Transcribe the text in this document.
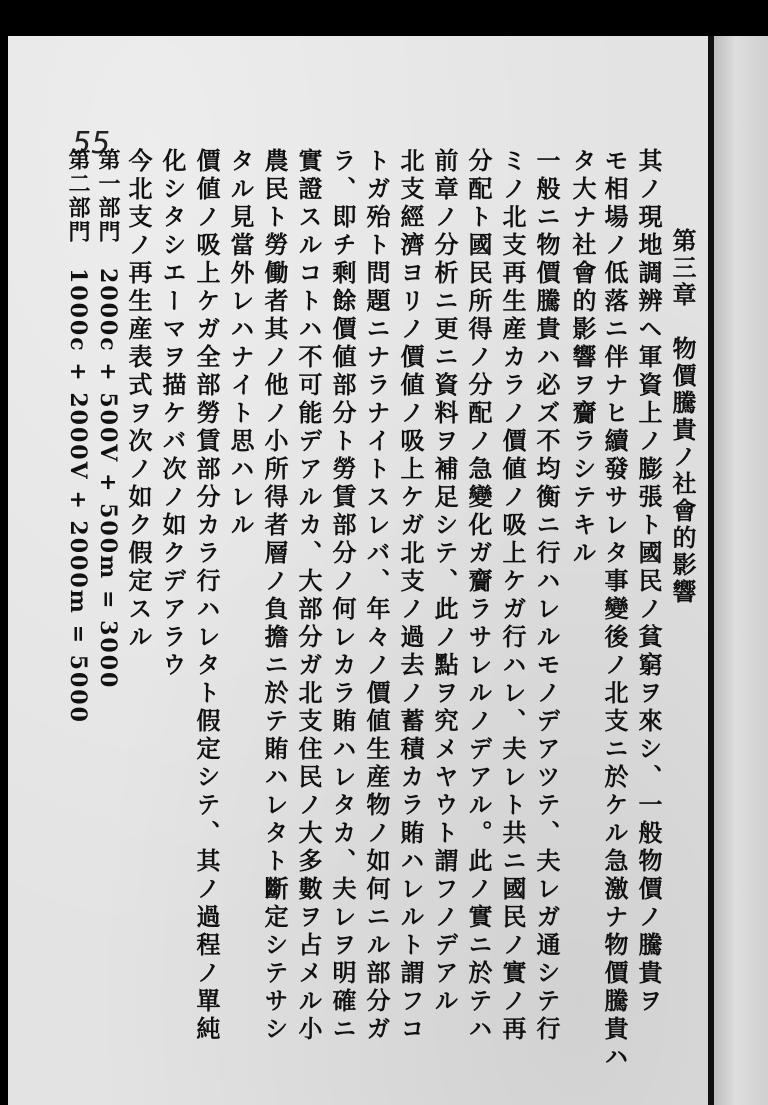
55
第三章　物價騰貴ノ社會的影響
其ノ現地調辨ヘ軍資上ノ膨張ト國民ノ貧窮ヲ來シ、一般物價ノ騰貴ヲ
モ相場ノ低落ニ伴ナヒ續發サレタ事變後ノ北支ニ於ケル急激ナ物價騰貴ハ
タ大ナ社會的影響ヲ齎ラシテキル
一般ニ物價騰貴ハ必ズ不均衡ニ行ハレルモノデアツテ、夫レガ通シテ行
ミノ北支再生産カラノ價値ノ吸上ケガ行ハレ、夫レト共ニ國民ノ實ノ再
分配ト國民所得ノ分配ノ急變化ガ齎ラサレルノデアル。此ノ實ニ於テハ
前章ノ分析ニ更ニ資料ヲ補足シテ、此ノ點ヲ究メヤウト謂フノデアル
北支經濟ヨリノ價値ノ吸上ケガ北支ノ過去ノ蓄積カラ賄ハレルト謂フコ
トガ殆ト問題ニナラナイトスレバ、年々ノ價値生産物ノ如何ニル部分ガ
ラ、即チ剩餘價値部分ト勞賃部分ノ何レカラ賄ハレタカ、夫レヲ明確ニ
實證スルコトハ不可能デアルカ、大部分ガ北支住民ノ大多數ヲ占メル小
農民ト勞働者其ノ他ノ小所得者層ノ負擔ニ於テ賄ハレタト斷定シテサシ
タル見當外レハナイト思ハレル
價値ノ吸上ケガ全部勞賃部分カラ行ハレタト假定シテ、其ノ過程ノ單純
化シタシエーマヲ描ケバ次ノ如クデアラウ
今北支ノ再生産表式ヲ次ノ如ク假定スル
第一部門　2000c + 500V + 500m = 3000
第二部門　1000c + 2000V + 2000m = 5000
